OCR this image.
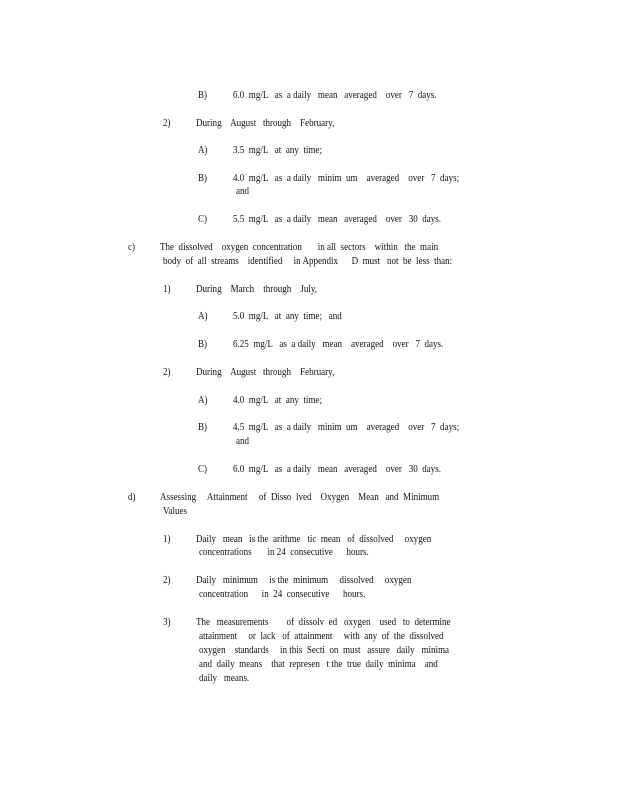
B) 6.0  mg/L   as  a daily   mean   averaged    over   7  days.
2) During    August   through    February,
A) 3.5  mg/L   at  any  time;
B) 4.0  mg/L   as  a daily   minim  um    averaged    over   7  days;
and
C) 5.5  mg/L   as  a daily   mean   averaged    over   30  days.
c) The  dissolved    oxygen  concentration       in all  sectors    within   the  main
body  of  all  streams    identified     in Appendix      D  must   not  be  less  than:
1) During    March    through    July,
A) 5.0  mg/L   at  any  time;   and
B) 6.25  mg/L   as  a daily   mean    averaged    over   7  days.
2) During    August   through    February,
A) 4.0  mg/L   at  any  time;
B) 4.5  mg/L   as  a daily   minim  um    averaged    over   7  days;
and
C) 6.0  mg/L   as  a daily   mean   averaged    over   30  days.
d) Assessing     Attainment     of  Disso  lved    Oxygen    Mean   and  Minimum
Values
1) Daily   mean   is the  arithme   tic  mean   of  dissolved     oxygen
concentrations       in 24  consecutive      hours.
2) Daily   minimum     is the  minimum     dissolved     oxygen
concentration      in  24  consecutive      hours.
3) The   measurements        of  dissolv  ed   oxygen    used   to  determine
attainment     or  lack   of  attainment     with  any  of  the  dissolved
oxygen    standards     in this  Secti  on  must   assure   daily   minima
and  daily  means    that  represen   t the  true  daily  minima    and
daily   means.
